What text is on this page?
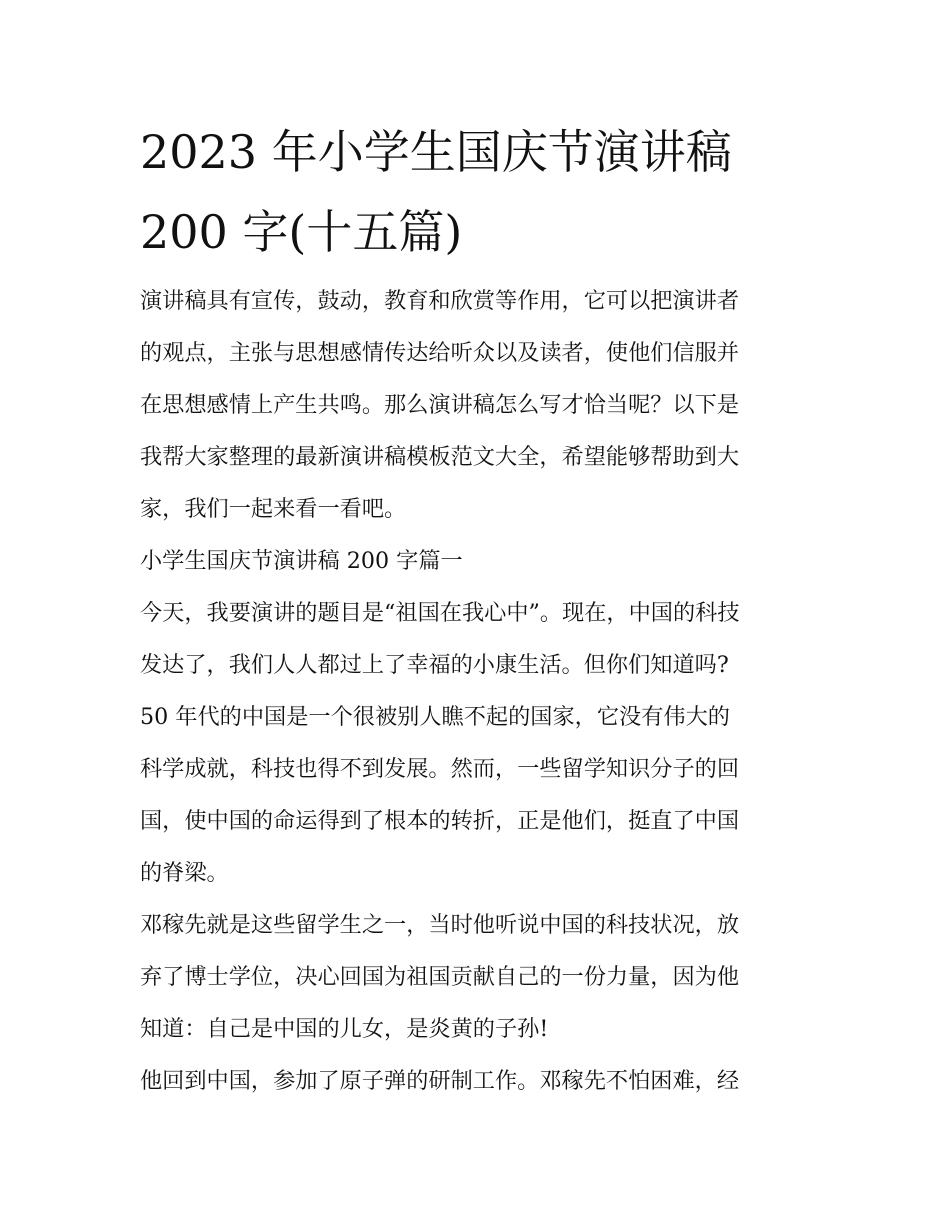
2023 年小学生国庆节演讲稿
200 字(十五篇)
演讲稿具有宣传，鼓动，教育和欣赏等作用，它可以把演讲者
的观点，主张与思想感情传达给听众以及读者，使他们信服并
在思想感情上产生共鸣。那么演讲稿怎么写才恰当呢？以下是
我帮大家整理的最新演讲稿模板范文大全，希望能够帮助到大
家，我们一起来看一看吧。
小学生国庆节演讲稿 200 字篇一
今天，我要演讲的题目是“祖国在我心中”。现在，中国的科技
发达了，我们人人都过上了幸福的小康生活。但你们知道吗?
50 年代的中国是一个很被别人瞧不起的国家，它没有伟大的
科学成就，科技也得不到发展。然而，一些留学知识分子的回
国，使中国的命运得到了根本的转折，正是他们，挺直了中国
的脊梁。
邓稼先就是这些留学生之一，当时他听说中国的科技状况，放
弃了博士学位，决心回国为祖国贡献自己的一份力量，因为他
知道：自己是中国的儿女，是炎黄的子孙!
他回到中国，参加了原子弹的研制工作。邓稼先不怕困难，经
